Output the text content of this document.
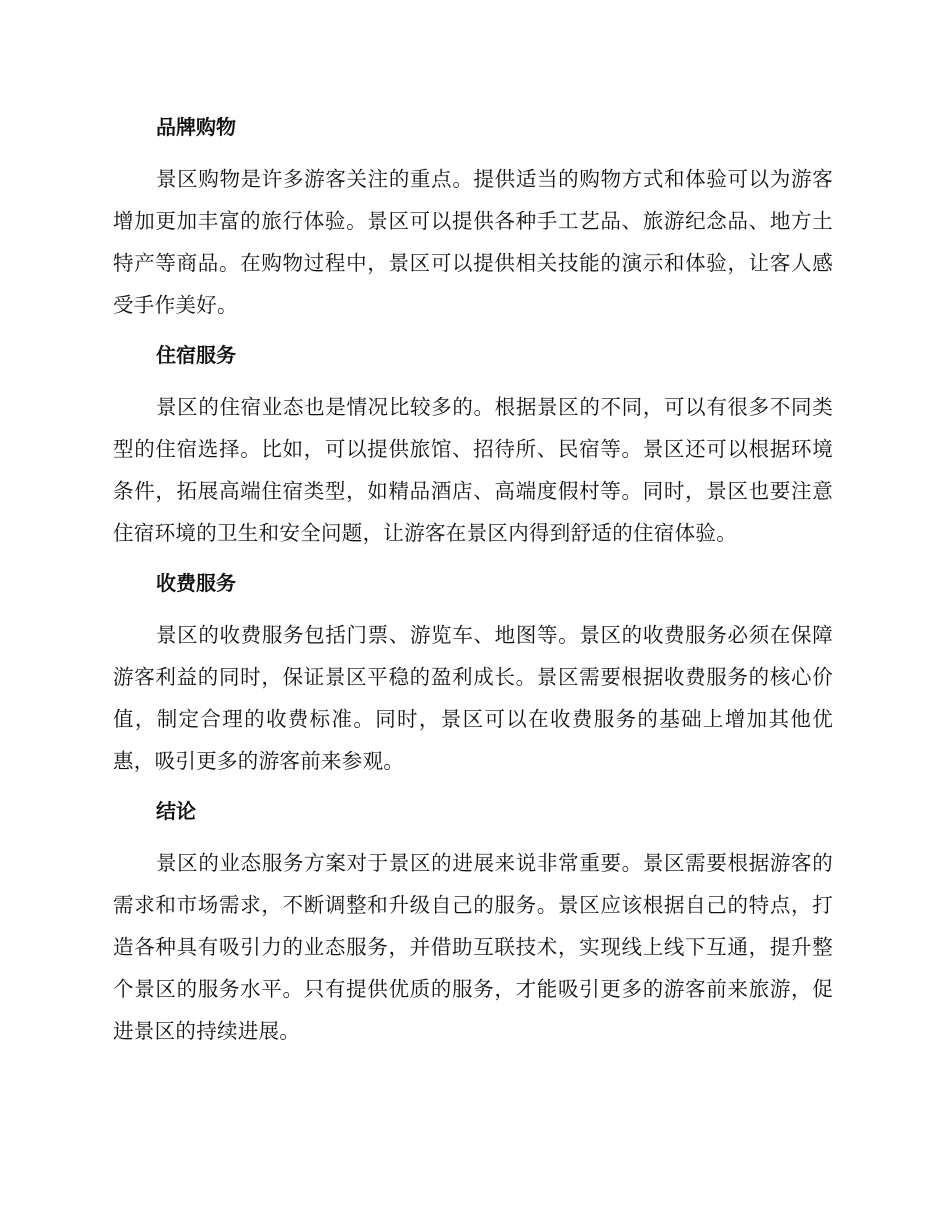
品牌购物

景区购物是许多游客关注的重点。提供适当的购物方式和体验可以为游客增加更加丰富的旅行体验。景区可以提供各种手工艺品、旅游纪念品、地方土特产等商品。在购物过程中，景区可以提供相关技能的演示和体验，让客人感受手作美好。

住宿服务

景区的住宿业态也是情况比较多的。根据景区的不同，可以有很多不同类型的住宿选择。比如，可以提供旅馆、招待所、民宿等。景区还可以根据环境条件，拓展高端住宿类型，如精品酒店、高端度假村等。同时，景区也要注意住宿环境的卫生和安全问题，让游客在景区内得到舒适的住宿体验。

收费服务

景区的收费服务包括门票、游览车、地图等。景区的收费服务必须在保障游客利益的同时，保证景区平稳的盈利成长。景区需要根据收费服务的核心价值，制定合理的收费标准。同时，景区可以在收费服务的基础上增加其他优惠，吸引更多的游客前来参观。

结论

景区的业态服务方案对于景区的进展来说非常重要。景区需要根据游客的需求和市场需求，不断调整和升级自己的服务。景区应该根据自己的特点，打造各种具有吸引力的业态服务，并借助互联技术，实现线上线下互通，提升整个景区的服务水平。只有提供优质的服务，才能吸引更多的游客前来旅游，促进景区的持续进展。
